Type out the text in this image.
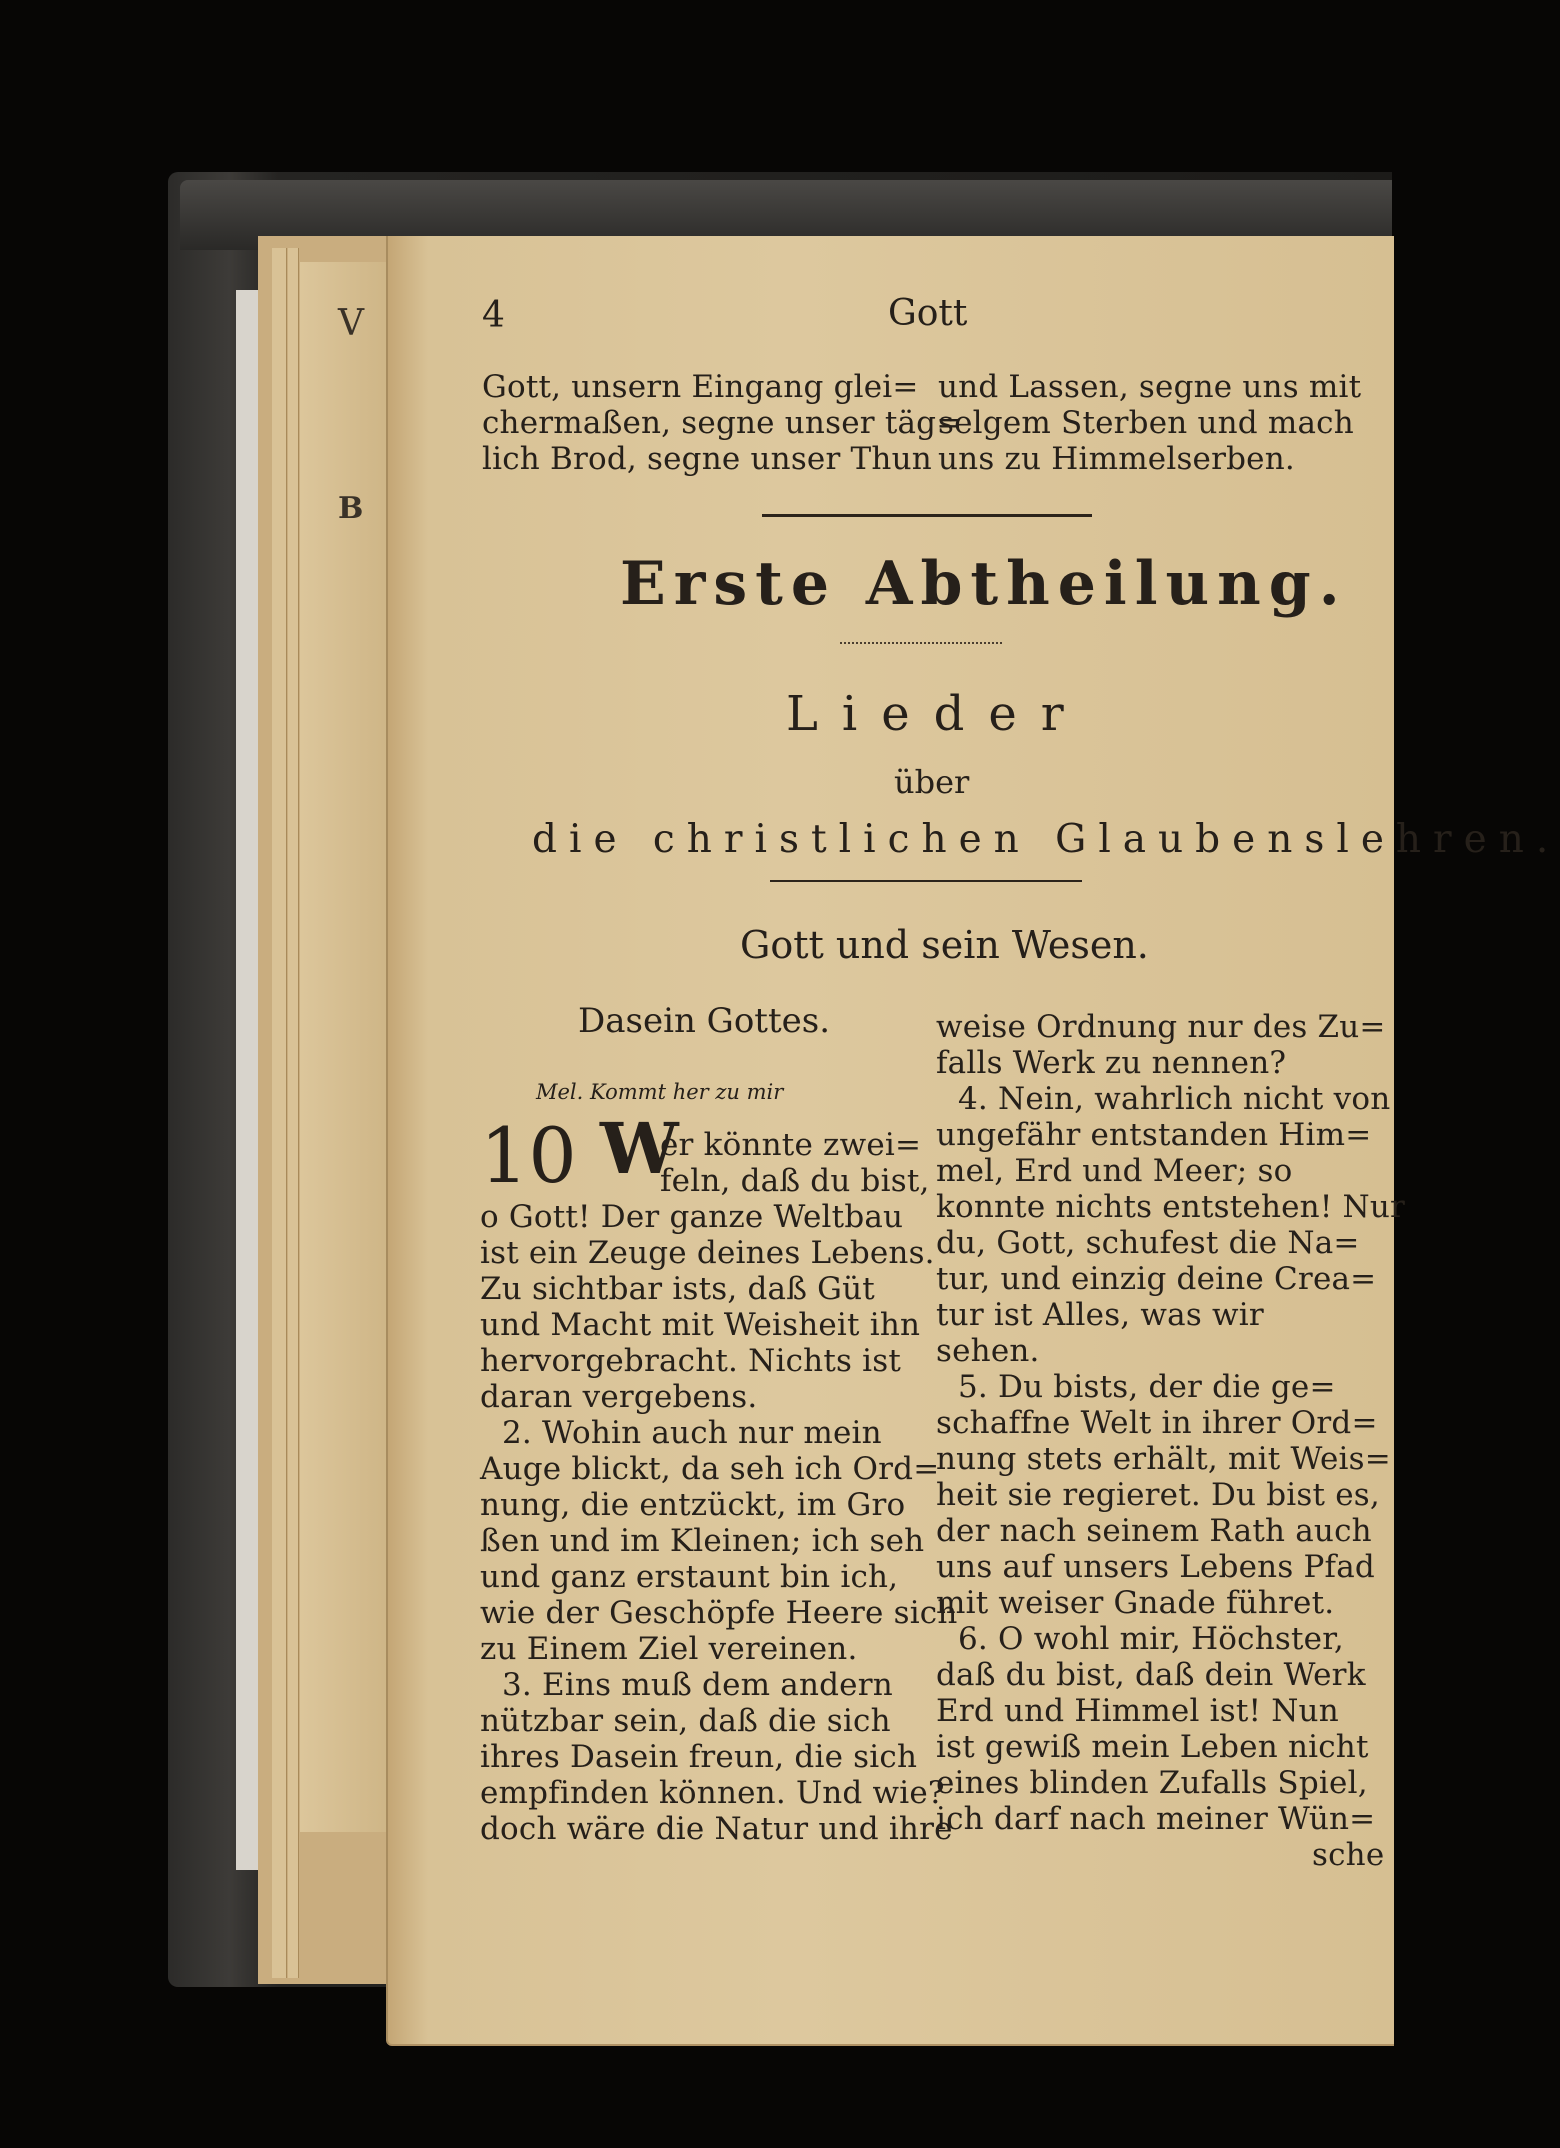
V
B
4	Gott
Gott, unsern Eingang glei=
chermaßen, segne unser täg=
lich Brod, segne unser Thun
und Lassen, segne uns mit
selgem Sterben und mach
uns zu Himmelserben.
Erste Abtheilung.
Lieder
über
die christlichen Glaubenslehren.
Gott und sein Wesen.
Dasein Gottes.
Mel. Kommt her zu mir
10 W
er könnte zwei=
feln, daß du bist,
o Gott! Der ganze Weltbau
ist ein Zeuge deines Lebens.
Zu sichtbar ists, daß Güt
und Macht mit Weisheit ihn
hervorgebracht. Nichts ist
daran vergebens.
2. Wohin auch nur mein
Auge blickt, da seh ich Ord=
nung, die entzückt, im Gro
ßen und im Kleinen; ich seh
und ganz erstaunt bin ich,
wie der Geschöpfe Heere sich
zu Einem Ziel vereinen.
3. Eins muß dem andern
nützbar sein, daß die sich
ihres Dasein freun, die sich
empfinden können. Und wie?
doch wäre die Natur und ihre
weise Ordnung nur des Zu=
falls Werk zu nennen?
4. Nein, wahrlich nicht von
ungefähr entstanden Him=
mel, Erd und Meer; so
konnte nichts entstehen! Nur
du, Gott, schufest die Na=
tur, und einzig deine Crea=
tur ist Alles, was wir
sehen.
5. Du bists, der die ge=
schaffne Welt in ihrer Ord=
nung stets erhält, mit Weis=
heit sie regieret. Du bist es,
der nach seinem Rath auch
uns auf unsers Lebens Pfad
mit weiser Gnade führet.
6. O wohl mir, Höchster,
daß du bist, daß dein Werk
Erd und Himmel ist! Nun
ist gewiß mein Leben nicht
eines blinden Zufalls Spiel,
ich darf nach meiner Wün=
sche
